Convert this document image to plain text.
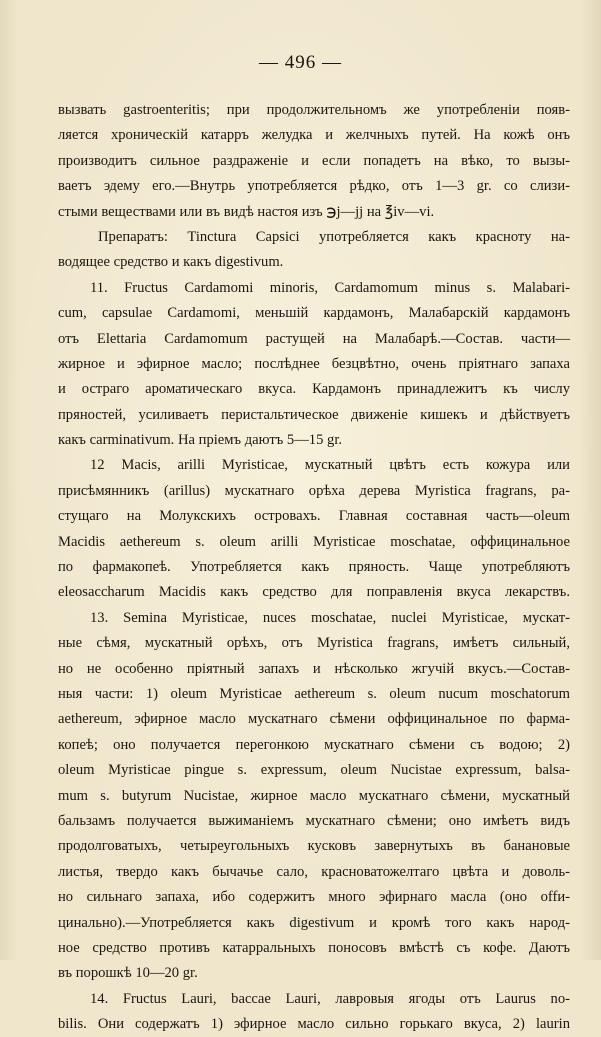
— 496 —
вызвать gastroenteritis; при продолжительномъ же употребленiи появ-
ляется хроническiй катарръ желудка и желчныхъ путей. На кожѣ онъ
производитъ сильное раздраженiе и если попадетъ на вѣко, то вызы-
ваетъ эдему его.—Внутрь употребляется рѣдко, отъ 1—3 gr. со слизи-
стыми веществами или въ видѣ настоя изъ ℈j—jj на ℥iv—vi.
Препаратъ: Tinctura Capsici употребляется какъ красноту на-
водящее средство и какъ digestivum.
11. Fructus Cardamomi minoris, Cardamomum minus s. Malabari-
cum, capsulae Cardamomi, меньшiй кардамонъ, Малабарскiй кардамонъ
отъ Elettaria Cardamomum растущей на Малабарѣ.—Состав. части—
жирное и эфирное масло; послѣднее безцвѣтно, очень прiятнаго запаха
и остраго ароматическаго вкуса. Кардамонъ принадлежитъ къ числу
пряностей, усиливаетъ перистальтическое движенiе кишекъ и дѣйствуетъ
какъ carminativum. На прiемъ даютъ 5—15 gr.
12 Macis, arilli Myristicae, мускатный цвѣтъ есть кожура или
присѣмянникъ (arillus) мускатнаго орѣха дерева Myristica fragrans, ра-
стущаго на Молукскихъ островахъ. Главная составная часть—oleum
Macidis aethereum s. oleum arilli Myristicae moschatae, оффицинальное
по фармакопеѣ. Употребляется какъ пряность. Чаще употребляютъ
eleosaccharum Macidis какъ средство для поправленiя вкуса лекарствъ.
13. Semina Myristicae, nuces moschatae, nuclei Myristicae, мускат-
ные сѣмя, мускатный орѣхъ, отъ Myristica fragrans, имѣетъ сильный,
но не особенно прiятный запахъ и нѣсколько жгучiй вкусъ.—Состав-
ныя части: 1) oleum Myristicae aethereum s. oleum nucum moschatorum
aethereum, эфирное масло мускатнаго сѣмени оффицинальное по фарма-
копеѣ; оно получается перегонкою мускатнаго сѣмени съ водою; 2)
oleum Myristicae pingue s. expressum, oleum Nucistae expressum, balsa-
mum s. butyrum Nucistae, жирное масло мускатнаго сѣмени, мускатный
бальзамъ получается выжиманiемъ мускатнаго сѣмени; оно имѣетъ видъ
продолговатыхъ, четыреугольныхъ кусковъ завернутыхъ въ банановые
листья, твердо какъ бычачье сало, красноватожелтаго цвѣта и доволь-
но сильнаго запаха, ибо содержитъ много эфирнаго масла (оно offи-
цинально).—Употребляется какъ digestivum и кромѣ того какъ народ-
ное средство противъ катарральныхъ поносовъ вмѣстѣ съ кофе. Даютъ
въ порошкѣ 10—20 gr.
14. Fructus Lauri, baccae Lauri, лавровыя ягоды отъ Laurus no-
bilis. Они содержатъ 1) эфирное масло сильно горькаго вкуса, 2) laurin
